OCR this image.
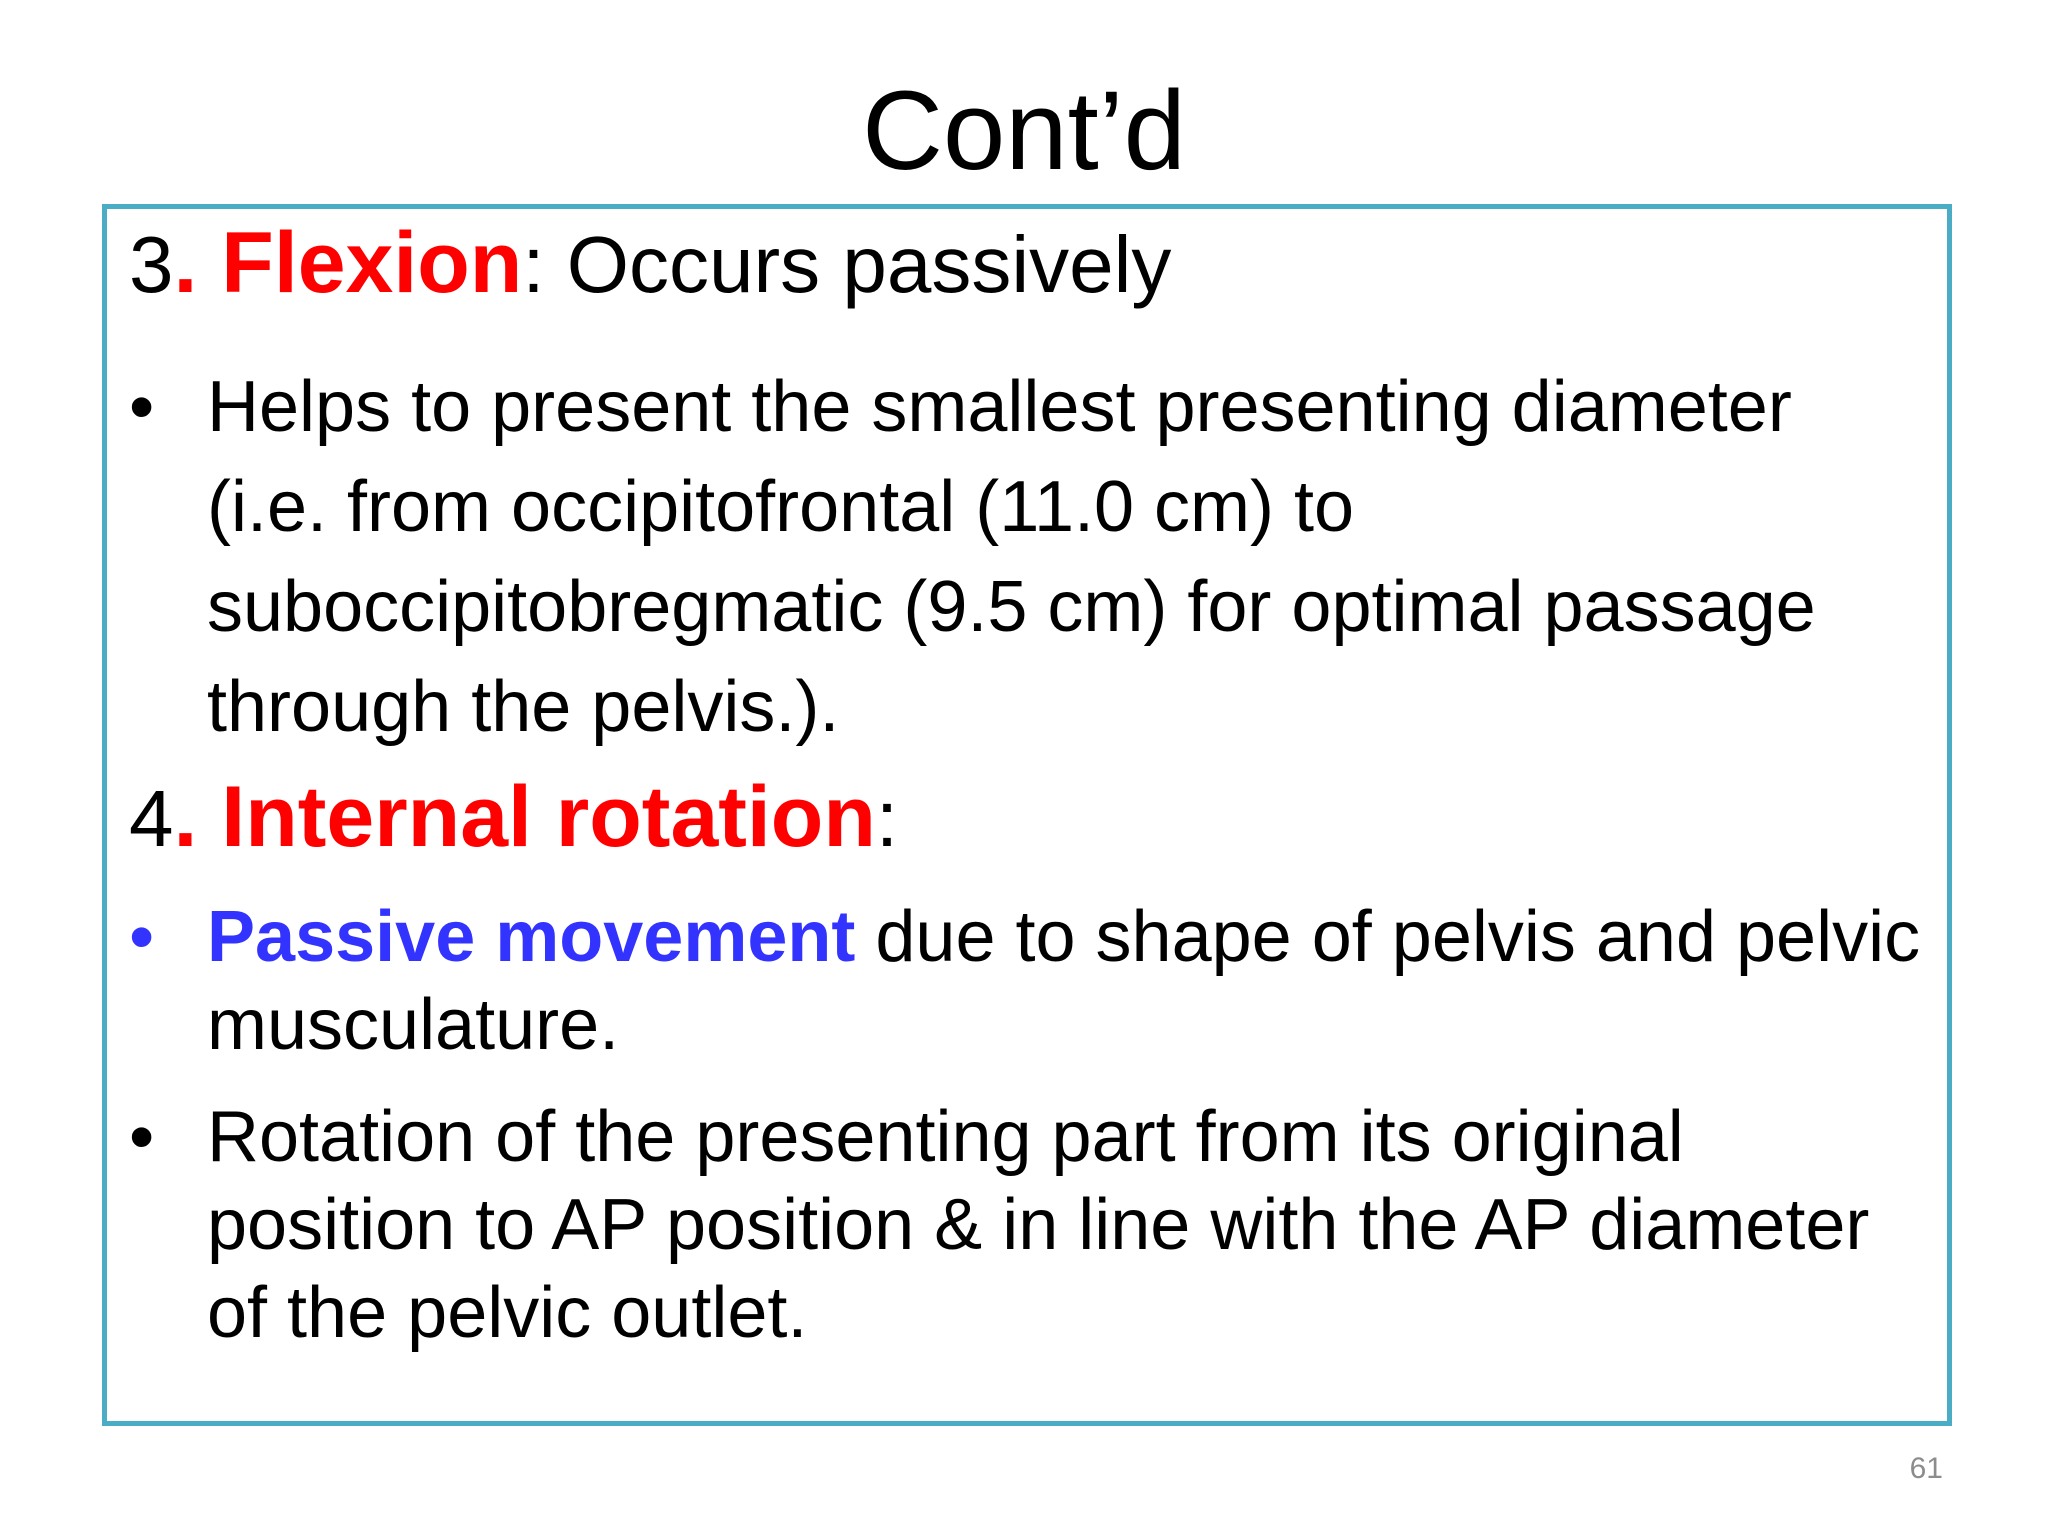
Cont’d
3. Flexion: Occurs passively
• Helps to present the smallest presenting diameter (i.e. from occipitofrontal (11.0 cm) to suboccipitobregmatic (9.5 cm) for optimal passage through the pelvis.).
4. Internal rotation:
• Passive movement due to shape of pelvis and pelvic musculature.
• Rotation of the presenting part from its original position to AP position & in line with the AP diameter of the pelvic outlet.
61
